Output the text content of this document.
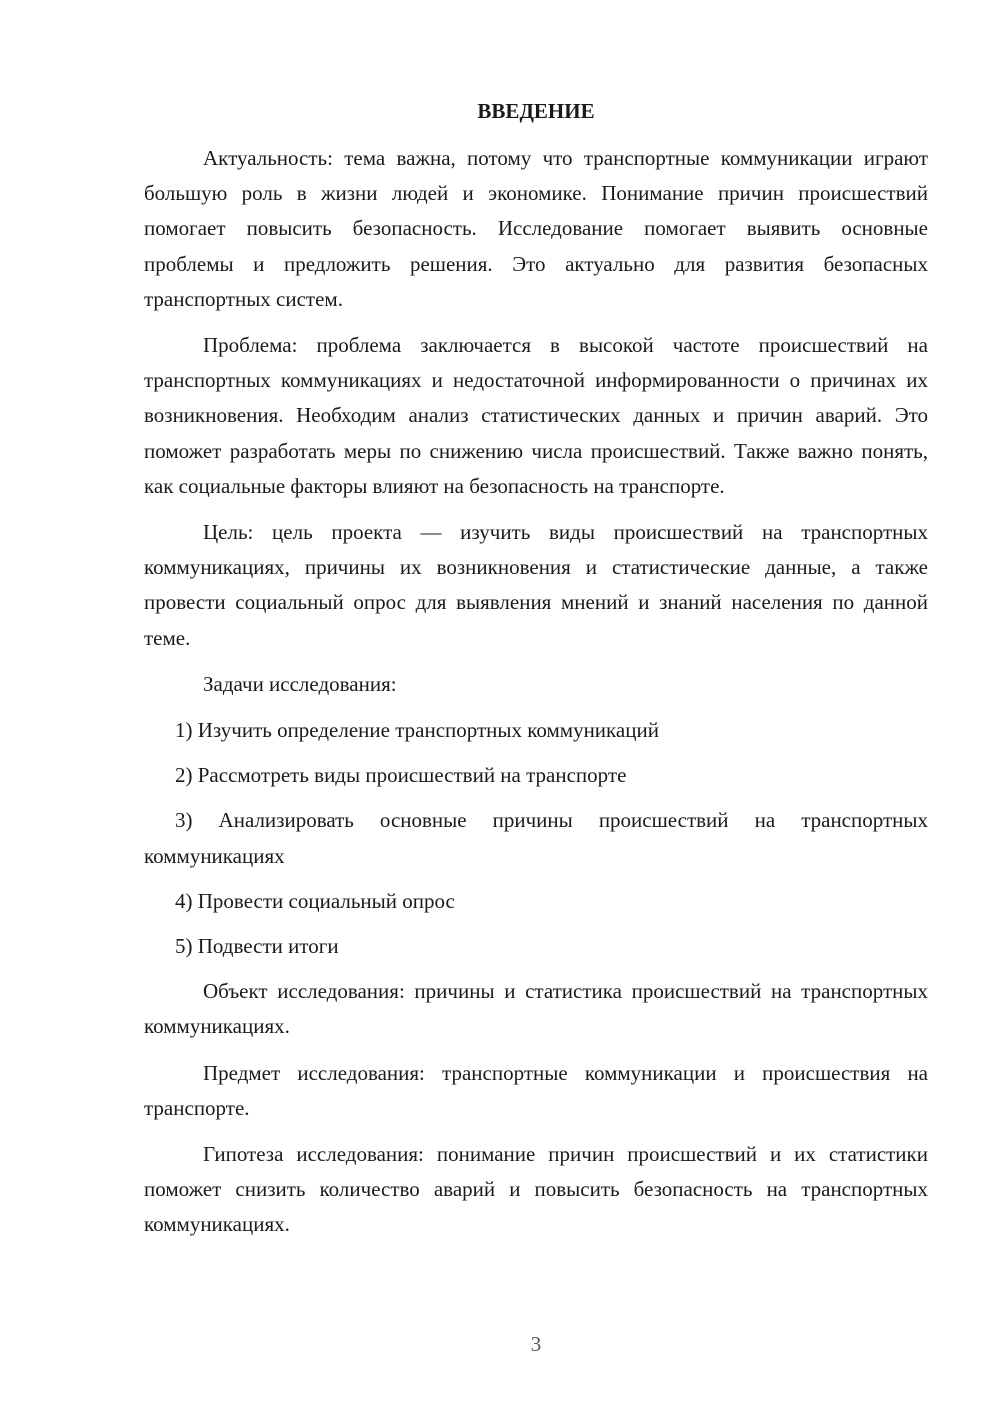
ВВЕДЕНИЕ

Актуальность: тема важна, потому что транспортные коммуникации играют большую роль в жизни людей и экономике. Понимание причин происшествий помогает повысить безопасность. Исследование помогает выявить основные проблемы и предложить решения. Это актуально для развития безопасных транспортных систем.

Проблема: проблема заключается в высокой частоте происшествий на транспортных коммуникациях и недостаточной информированности о причинах их возникновения. Необходим анализ статистических данных и причин аварий. Это поможет разработать меры по снижению числа происшествий. Также важно понять, как социальные факторы влияют на безопасность на транспорте.

Цель: цель проекта — изучить виды происшествий на транспортных коммуникациях, причины их возникновения и статистические данные, а также провести социальный опрос для выявления мнений и знаний населения по данной теме.

Задачи исследования:

1) Изучить определение транспортных коммуникаций

2) Рассмотреть виды происшествий на транспорте

3) Анализировать основные причины происшествий на транспортных коммуникациях

4) Провести социальный опрос

5) Подвести итоги

Объект исследования: причины и статистика происшествий на транспортных коммуникациях.

Предмет исследования: транспортные коммуникации и происшествия на транспорте.

Гипотеза исследования: понимание причин происшествий и их статистики поможет снизить количество аварий и повысить безопасность на транспортных коммуникациях.

3
